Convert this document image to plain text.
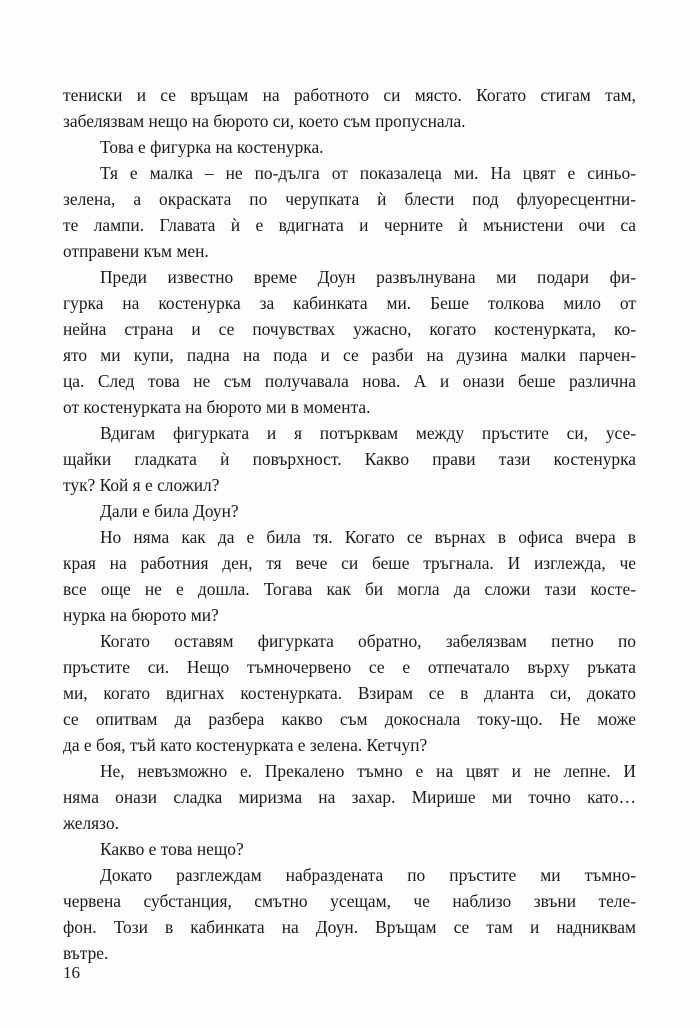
тениски и се връщам на работното си място. Когато стигам там,
забелязвам нещо на бюрото си, което съм пропуснала.
Това е фигурка на костенурка.
Тя е малка – не по-дълга от показалеца ми. На цвят е синьо-
зелена, а окраската по черупката ѝ блести под флуоресцентни-
те лампи. Главата ѝ е вдигната и черните ѝ мънистени очи са
отправени към мен.
Преди известно време Доун развълнувана ми подари фи-
гурка на костенурка за кабинката ми. Беше толкова мило от
нейна страна и се почувствах ужасно, когато костенурката, ко-
ято ми купи, падна на пода и се разби на дузина малки парчен-
ца. След това не съм получавала нова. А и онази беше различна
от костенурката на бюрото ми в момента.
Вдигам фигурката и я потърквам между пръстите си, усе-
щайки гладката ѝ повърхност. Какво прави тази костенурка
тук? Кой я е сложил?
Дали е била Доун?
Но няма как да е била тя. Когато се върнах в офиса вчера в
края на работния ден, тя вече си беше тръгнала. И изглежда, че
все още не е дошла. Тогава как би могла да сложи тази косте-
нурка на бюрото ми?
Когато оставям фигурката обратно, забелязвам петно по
пръстите си. Нещо тъмночервено се е отпечатало върху ръката
ми, когато вдигнах костенурката. Взирам се в дланта си, докато
се опитвам да разбера какво съм докоснала току-що. Не може
да е боя, тъй като костенурката е зелена. Кетчуп?
Не, невъзможно е. Прекалено тъмно е на цвят и не лепне. И
няма онази сладка миризма на захар. Мирише ми точно като…
желязо.
Какво е това нещо?
Докато разглеждам набраздената по пръстите ми тъмно-
червена субстанция, смътно усещам, че наблизо звъни теле-
фон. Този в кабинката на Доун. Връщам се там и надниквам
вътре.
16
